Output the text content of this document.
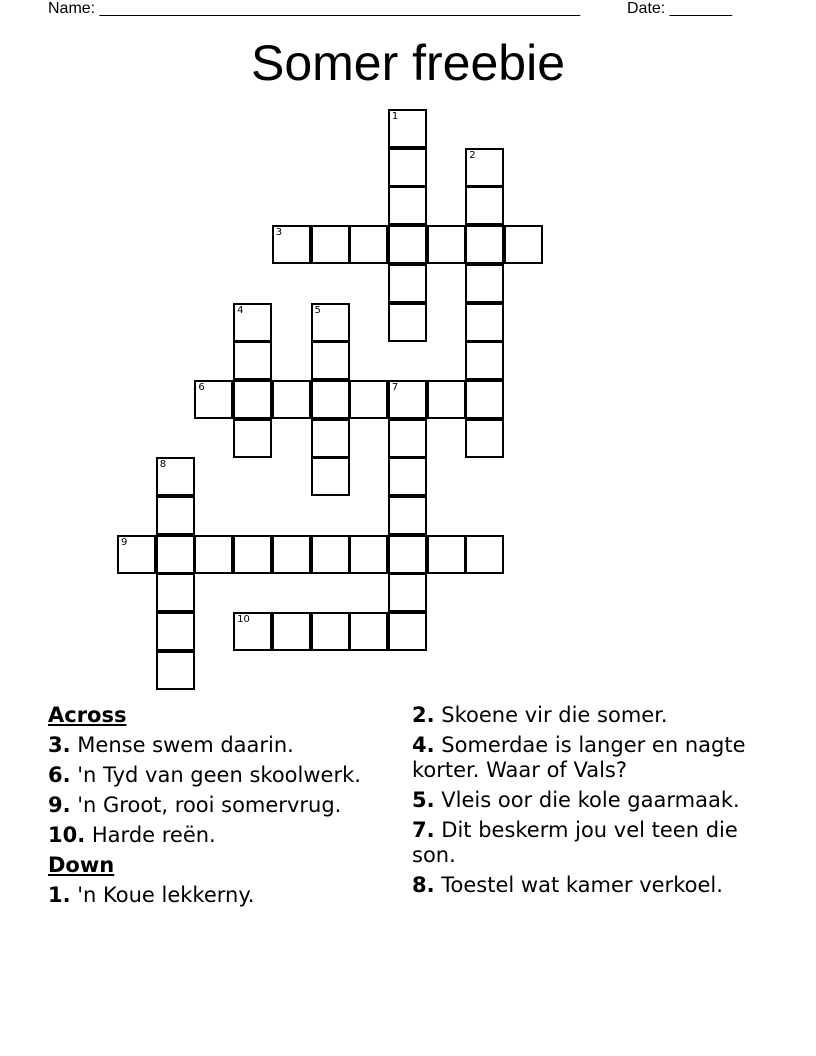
Name: ______________________________________________________	Date: _______
Somer freebie
1
2
3
4	5
6	7
8
9
10
Across
3. Mense swem daarin.
6. 'n Tyd van geen skoolwerk.
9. 'n Groot, rooi somervrug.
10. Harde reën.
Down
1. 'n Koue lekkerny.
2. Skoene vir die somer.
4. Somerdae is langer en nagte korter. Waar of Vals?
5. Vleis oor die kole gaarmaak.
7. Dit beskerm jou vel teen die son.
8. Toestel wat kamer verkoel.
